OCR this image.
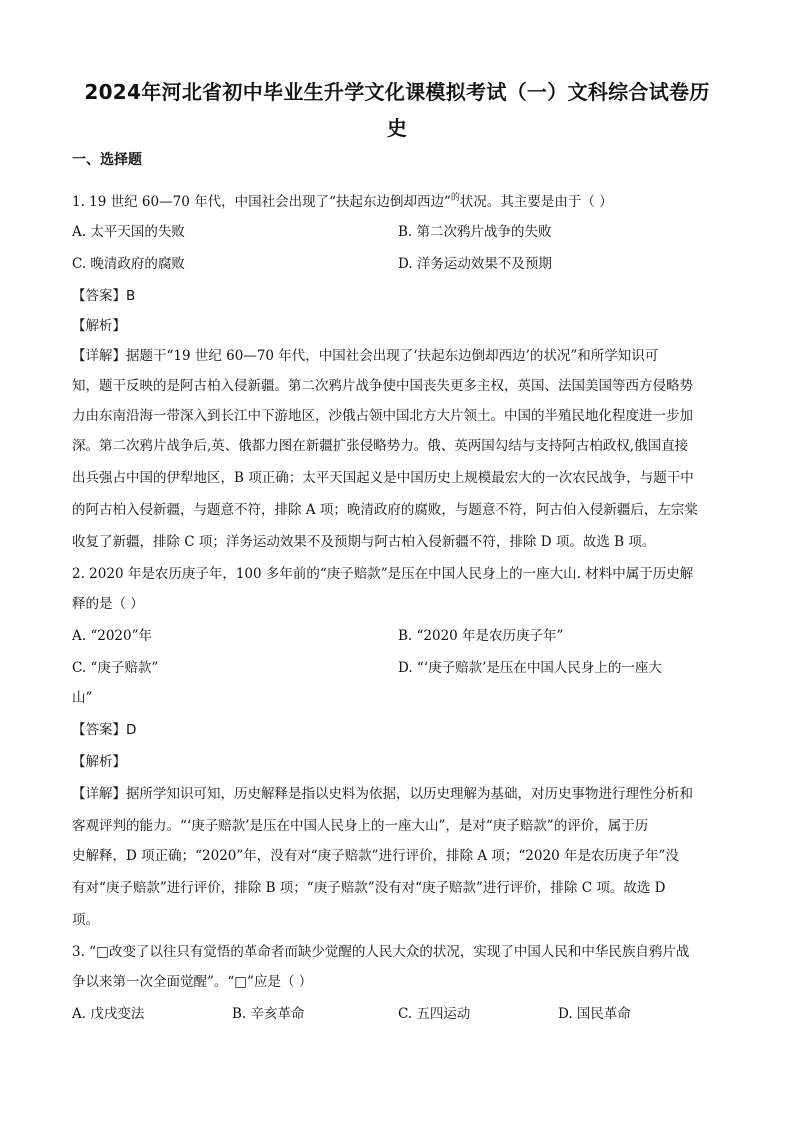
2024年河北省初中毕业生升学文化课模拟考试（一）文科综合试卷历
史
一、选择题
1. 19 世纪 60—70 年代，中国社会出现了“扶起东边倒却西边”$^的$状况。其主要是由于（ ）
A. 太平天国的失败	B. 第二次鸦片战争的失败
C. 晚清政府的腐败	D. 洋务运动效果不及预期
【答案】B
【解析】
【详解】据题干“19 世纪 60—70 年代，中国社会出现了‘扶起东边倒却西边’的状况”和所学知识可
知，题干反映的是阿古柏入侵新疆。第二次鸦片战争使中国丧失更多主权，英国、法国美国等西方侵略势
力由东南沿海一带深入到长江中下游地区，沙俄占领中国北方大片领土。中国的半殖民地化程度进一步加
深。第二次鸦片战争后,英、俄都力图在新疆扩张侵略势力。俄、英两国勾结与支持阿古柏政权,俄国直接
出兵强占中国的伊犁地区，B 项正确；太平天国起义是中国历史上规模最宏大的一次农民战争，与题干中
的阿古柏入侵新疆，与题意不符，排除 A 项；晚清政府的腐败，与题意不符，阿古伯入侵新疆后，左宗棠
收复了新疆，排除 C 项；洋务运动效果不及预期与阿古柏入侵新疆不符，排除 D 项。故选 B 项。
2. 2020 年是农历庚子年，100 多年前的“庚子赔款”是压在中国人民身上的一座大山. 材料中属于历史解
释的是（ ）
A. “2020”年	B. “2020 年是农历庚子年”
C. “庚子赔款”	D. “‘庚子赔款’是压在中国人民身上的一座大
山”
【答案】D
【解析】
【详解】据所学知识可知，历史解释是指以史料为依据，以历史理解为基础，对历史事物进行理性分析和
客观评判的能力。“‘庚子赔款’是压在中国人民身上的一座大山”，是对“庚子赔款”的评价，属于历
史解释，D 项正确；“2020”年，没有对“庚子赔款”进行评价，排除 A 项；“2020 年是农历庚子年”没
有对“庚子赔款”进行评价，排除 B 项；“庚子赔款”没有对“庚子赔款”进行评价，排除 C 项。故选 D
项。
3. “□改变了以往只有觉悟的革命者而缺少觉醒的人民大众的状况，实现了中国人民和中华民族自鸦片战
争以来第一次全面觉醒”。“□”应是（ ）
A. 戊戌变法	B. 辛亥革命	C. 五四运动	D. 国民革命
